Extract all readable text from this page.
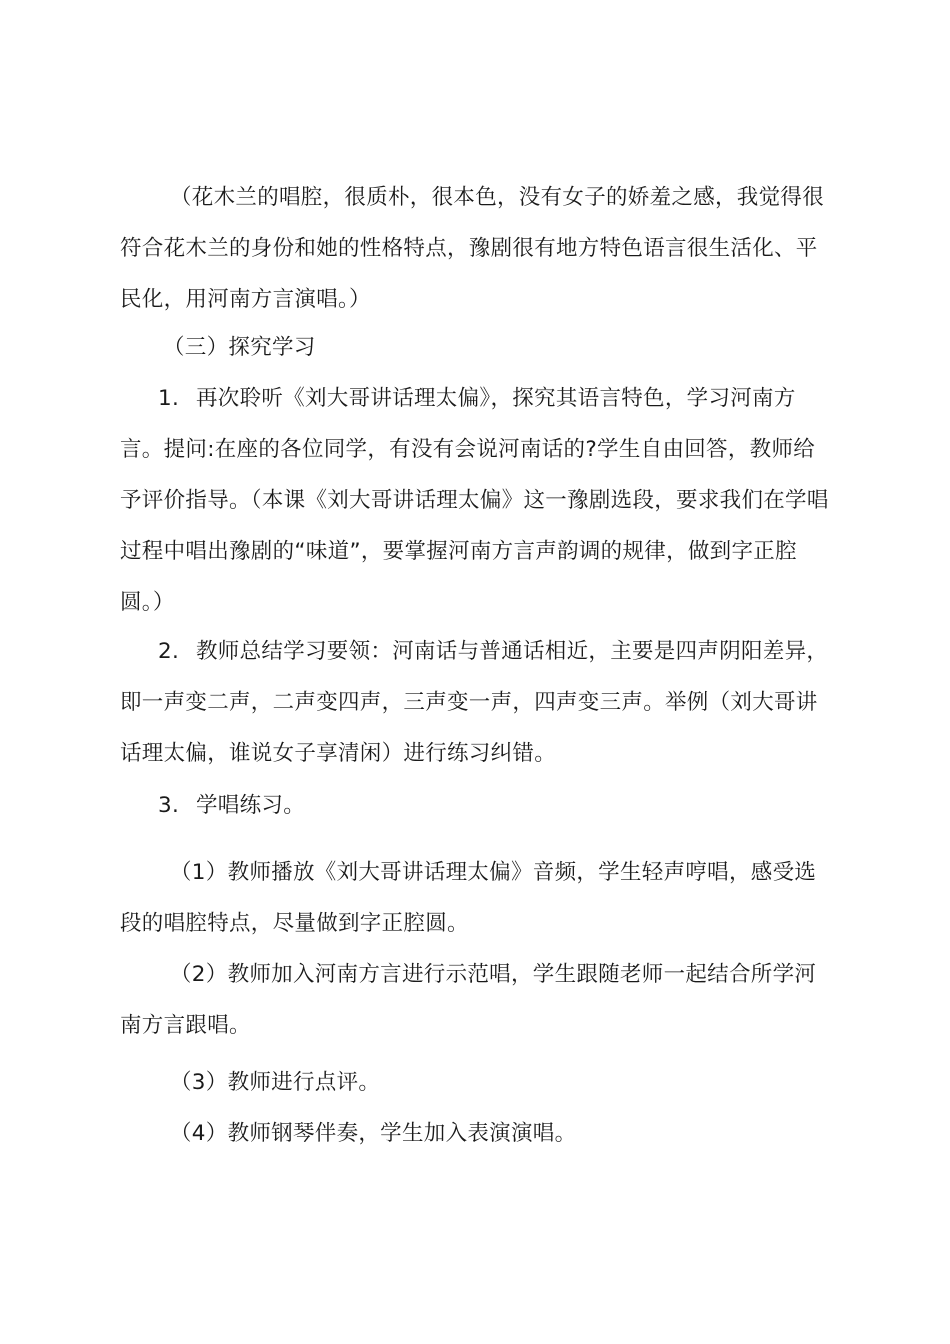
（花木兰的唱腔，很质朴，很本色，没有女子的娇羞之感，我觉得很符合花木兰的身份和她的性格特点，豫剧很有地方特色语言很生活化、平民化，用河南方言演唱。）

（三）探究学习

1. 再次聆听《刘大哥讲话理太偏》，探究其语言特色，学习河南方言。提问:在座的各位同学，有没有会说河南话的?学生自由回答，教师给予评价指导。（本课《刘大哥讲话理太偏》这一豫剧选段，要求我们在学唱过程中唱出豫剧的“味道”，要掌握河南方言声韵调的规律，做到字正腔圆。）

2. 教师总结学习要领：河南话与普通话相近，主要是四声阴阳差异，即一声变二声，二声变四声，三声变一声，四声变三声。举例（刘大哥讲话理太偏，谁说女子享清闲）进行练习纠错。

3. 学唱练习。

（1）教师播放《刘大哥讲话理太偏》音频，学生轻声哼唱，感受选段的唱腔特点，尽量做到字正腔圆。

（2）教师加入河南方言进行示范唱，学生跟随老师一起结合所学河南方言跟唱。

（3）教师进行点评。

（4）教师钢琴伴奏，学生加入表演演唱。
